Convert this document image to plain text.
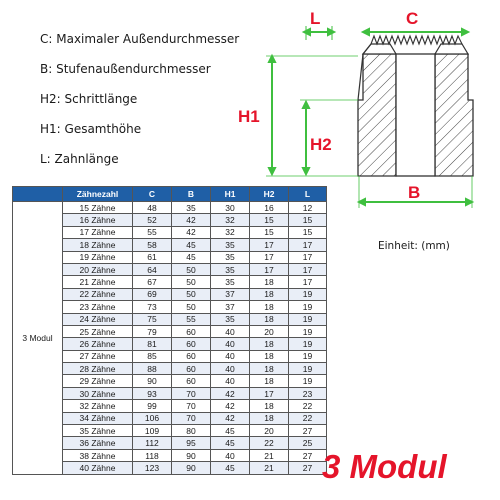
C: Maximaler Außendurchmesser
B: Stufenaußendurchmesser
H2: Schrittlänge
H1: Gesamthöhe
L: Zahnlänge
L	C
H1
H2
B
	Zähnezahl	C	B	H1	H2	L
3 Modul	15 Zähne	48	35	30	16	12
	16 Zähne	52	42	32	15	15
	17 Zähne	55	42	32	15	15
	18 Zähne	58	45	35	17	17
	19 Zähne	61	45	35	17	17
	20 Zähne	64	50	35	17	17
	21 Zähne	67	50	35	18	17
	22 Zähne	69	50	37	18	19
	23 Zähne	73	50	37	18	19
	24 Zähne	75	55	35	18	19
	25 Zähne	79	60	40	20	19
	26 Zähne	81	60	40	18	19
	27 Zähne	85	60	40	18	19
	28 Zähne	88	60	40	18	19
	29 Zähne	90	60	40	18	19
	30 Zähne	93	70	42	17	23
	32 Zähne	99	70	42	18	22
	34 Zähne	106	70	42	18	22
	35 Zähne	109	80	45	20	27
	36 Zähne	112	95	45	22	25
	38 Zähne	118	90	40	21	27
	40 Zähne	123	90	45	21	27
Einheit: (mm)
3 Modul
